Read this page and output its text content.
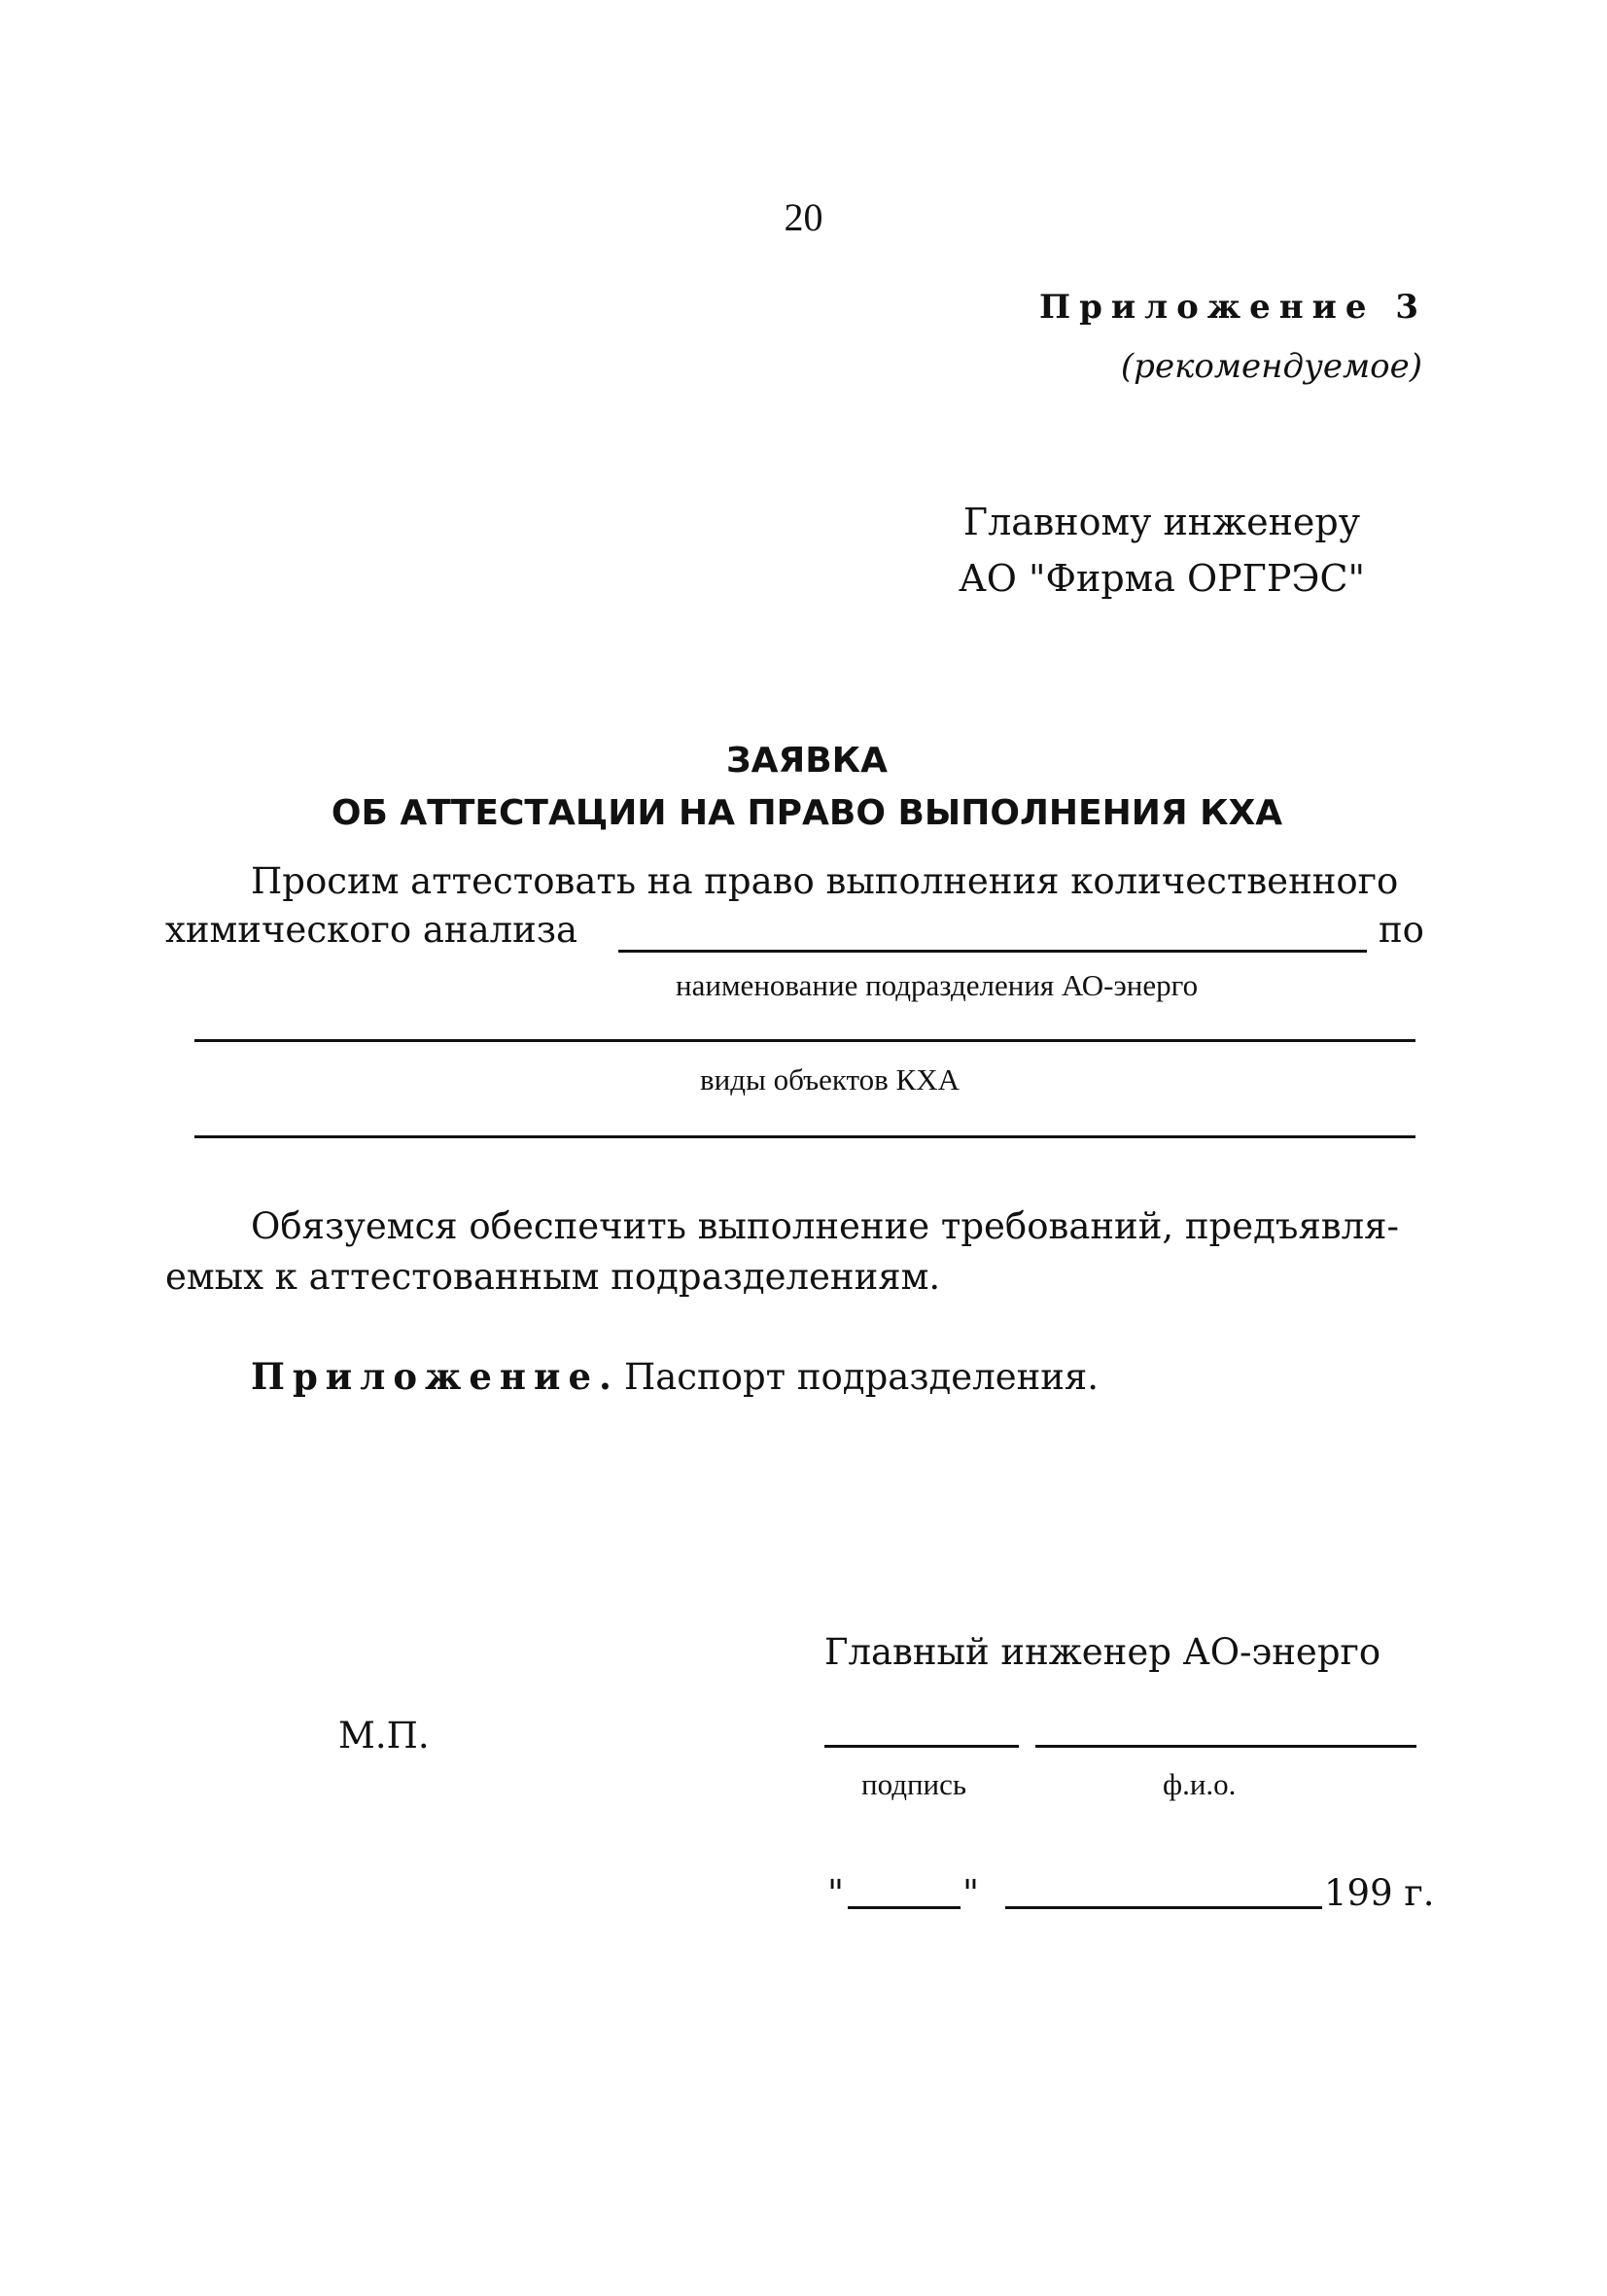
20
Приложение 3
(рекомендуемое)
Главному инженеру
АО "Фирма ОРГРЭС"
ЗАЯВКА
ОБ АТТЕСТАЦИИ НА ПРАВО ВЫПОЛНЕНИЯ КХА
Просим аттестовать на право выполнения количественного
химического анализа	по
наименование подразделения АО-энерго
виды объектов КХА
Обязуемся обеспечить выполнение требований, предъявля-
емых к аттестованным подразделениям.
Приложение. Паспорт подразделения.
Главный инженер АО-энерго
М.П.
подпись	ф.и.о.
"	"	199 г.
